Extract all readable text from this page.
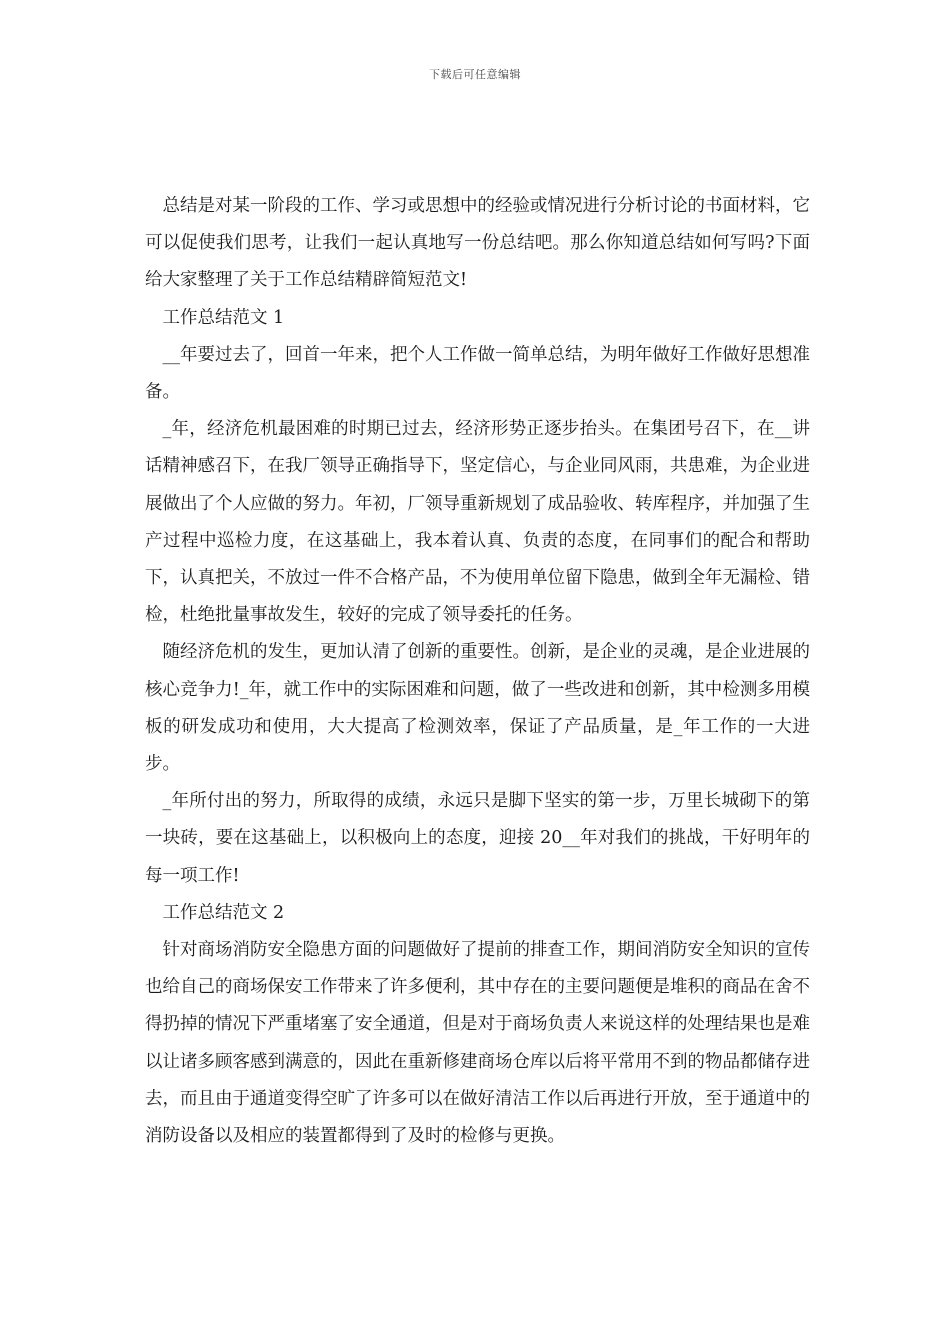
下载后可任意编辑

总结是对某一阶段的工作、学习或思想中的经验或情况进行分析讨论的书面材料，它可以促使我们思考，让我们一起认真地写一份总结吧。那么你知道总结如何写吗?下面给大家整理了关于工作总结精辟简短范文!

工作总结范文 1

__年要过去了，回首一年来，把个人工作做一简单总结，为明年做好工作做好思想准备。

_年，经济危机最困难的时期已过去，经济形势正逐步抬头。在集团号召下，在__讲话精神感召下，在我厂领导正确指导下，坚定信心，与企业同风雨，共患难，为企业进展做出了个人应做的努力。年初，厂领导重新规划了成品验收、转库程序，并加强了生产过程中巡检力度，在这基础上，我本着认真、负责的态度，在同事们的配合和帮助下，认真把关，不放过一件不合格产品，不为使用单位留下隐患，做到全年无漏检、错检，杜绝批量事故发生，较好的完成了领导委托的任务。

随经济危机的发生，更加认清了创新的重要性。创新，是企业的灵魂，是企业进展的核心竞争力!_年，就工作中的实际困难和问题，做了一些改进和创新，其中检测多用模板的研发成功和使用，大大提高了检测效率，保证了产品质量，是_年工作的一大进步。

_年所付出的努力，所取得的成绩，永远只是脚下坚实的第一步，万里长城砌下的第一块砖，要在这基础上，以积极向上的态度，迎接 20__年对我们的挑战，干好明年的每一项工作!

工作总结范文 2

针对商场消防安全隐患方面的问题做好了提前的排查工作，期间消防安全知识的宣传也给自己的商场保安工作带来了许多便利，其中存在的主要问题便是堆积的商品在舍不得扔掉的情况下严重堵塞了安全通道，但是对于商场负责人来说这样的处理结果也是难以让诸多顾客感到满意的，因此在重新修建商场仓库以后将平常用不到的物品都储存进去，而且由于通道变得空旷了许多可以在做好清洁工作以后再进行开放，至于通道中的消防设备以及相应的装置都得到了及时的检修与更换。
